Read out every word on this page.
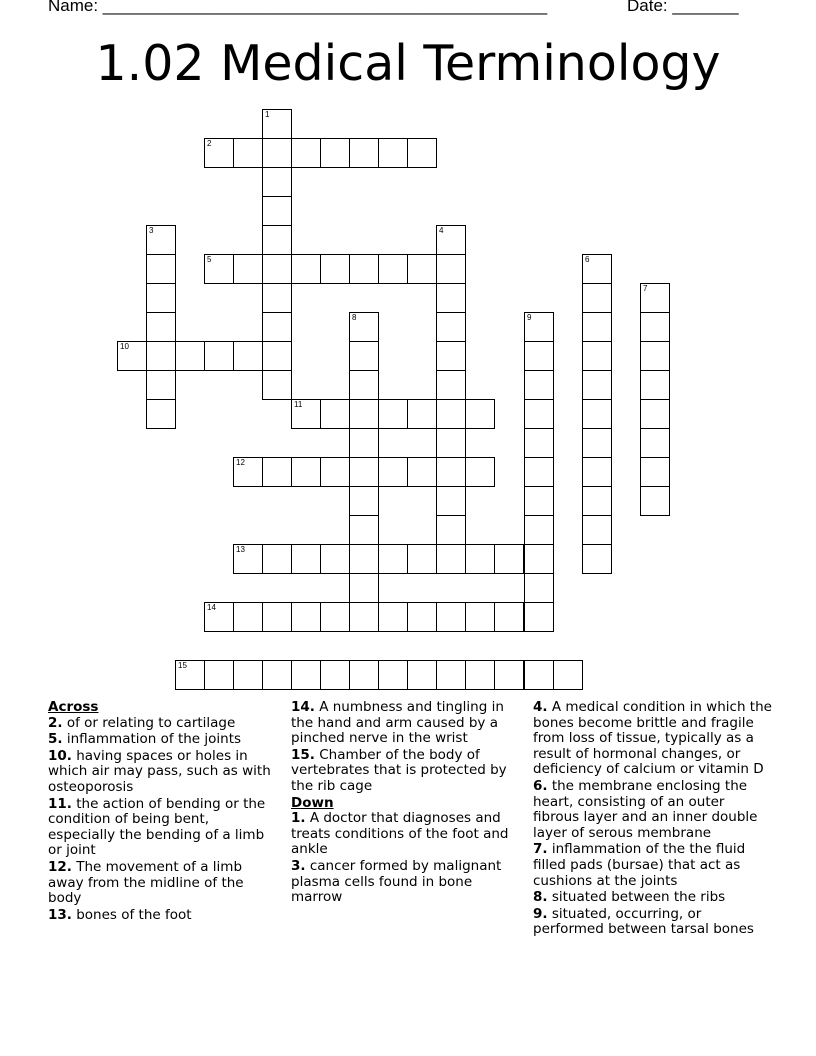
Name: _______________________________________________	Date: _______
1.02 Medical Terminology
1
2
3	4
5	6
7
8	9
10
11
12
13
14
15
Across
2. of or relating to cartilage
5. inflammation of the joints
10. having spaces or holes in which air may pass, such as with osteoporosis
11. the action of bending or the condition of being bent, especially the bending of a limb or joint
12. The movement of a limb away from the midline of the body
13. bones of the foot
14. A numbness and tingling in the hand and arm caused by a pinched nerve in the wrist
15. Chamber of the body of vertebrates that is protected by the rib cage
Down
1. A doctor that diagnoses and treats conditions of the foot and ankle
3. cancer formed by malignant plasma cells found in bone marrow
4. A medical condition in which the bones become brittle and fragile from loss of tissue, typically as a result of hormonal changes, or deficiency of calcium or vitamin D
6. the membrane enclosing the heart, consisting of an outer fibrous layer and an inner double layer of serous membrane
7. inflammation of the the fluid filled pads (bursae) that act as cushions at the joints
8. situated between the ribs
9. situated, occurring, or performed between tarsal bones
